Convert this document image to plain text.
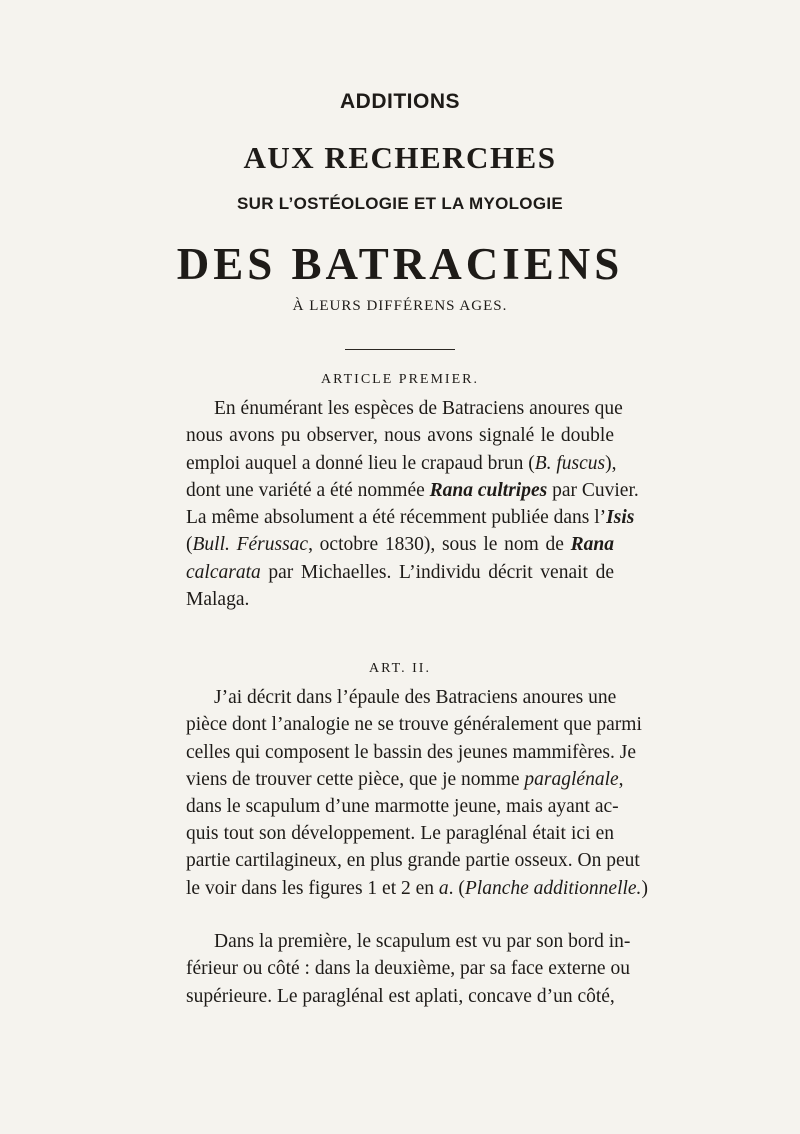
ADDITIONS
AUX RECHERCHES
SUR L’OSTÉOLOGIE ET LA MYOLOGIE
DES BATRACIENS
À LEURS DIFFÉRENS AGES.
ARTICLE PREMIER.
En énumérant les espèces de Batraciens anoures que
nous avons pu observer, nous avons signalé le double
emploi auquel a donné lieu le crapaud brun (B. fuscus),
dont une variété a été nommée Rana cultripes par Cuvier.
La même absolument a été récemment publiée dans l’Isis
(Bull. Férussac, octobre 1830), sous le nom de Rana
calcarata par Michaelles. L’individu décrit venait de
Malaga.
ART. II.
J’ai décrit dans l’épaule des Batraciens anoures une
pièce dont l’analogie ne se trouve généralement que parmi
celles qui composent le bassin des jeunes mammifères. Je
viens de trouver cette pièce, que je nomme paraglénale,
dans le scapulum d’une marmotte jeune, mais ayant ac-
quis tout son développement. Le paraglénal était ici en
partie cartilagineux, en plus grande partie osseux. On peut
le voir dans les figures 1 et 2 en a. (Planche additionnelle.)
Dans la première, le scapulum est vu par son bord in-
férieur ou côté : dans la deuxième, par sa face externe ou
supérieure. Le paraglénal est aplati, concave d’un côté,
